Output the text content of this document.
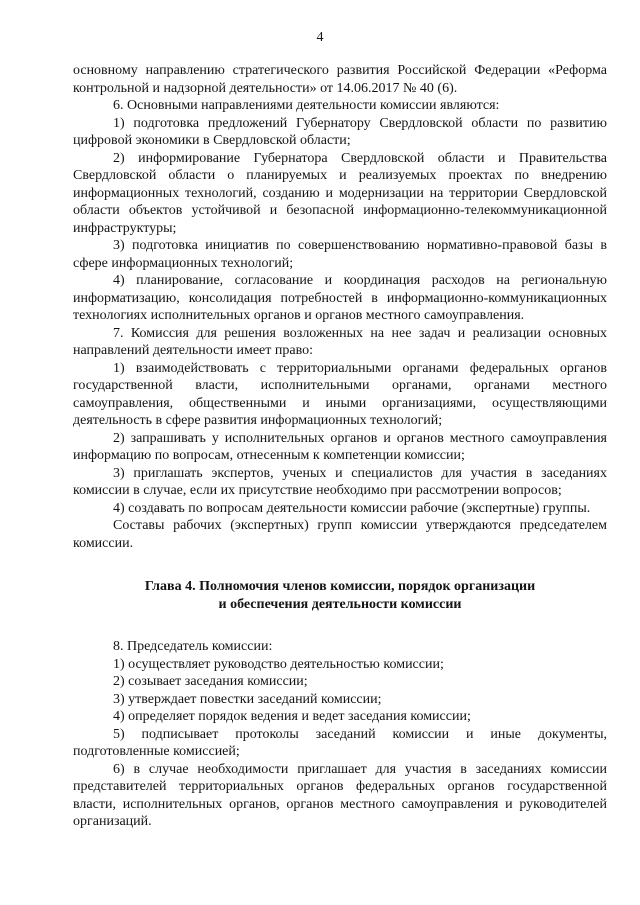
4

основному направлению стратегического развития Российской Федерации «Реформа контрольной и надзорной деятельности» от 14.06.2017 № 40 (6).

6. Основными направлениями деятельности комиссии являются:

1) подготовка предложений Губернатору Свердловской области по развитию цифровой экономики в Свердловской области;

2) информирование Губернатора Свердловской области и Правительства Свердловской области о планируемых и реализуемых проектах по внедрению информационных технологий, созданию и модернизации на территории Свердловской области объектов устойчивой и безопасной информационно-телекоммуникационной инфраструктуры;

3) подготовка инициатив по совершенствованию нормативно-правовой базы в сфере информационных технологий;

4) планирование, согласование и координация расходов на региональную информатизацию, консолидация потребностей в информационно-коммуникационных технологиях исполнительных органов и органов местного самоуправления.

7. Комиссия для решения возложенных на нее задач и реализации основных направлений деятельности имеет право:

1) взаимодействовать с территориальными органами федеральных органов государственной власти, исполнительными органами, органами местного самоуправления, общественными и иными организациями, осуществляющими деятельность в сфере развития информационных технологий;

2) запрашивать у исполнительных органов и органов местного самоуправления информацию по вопросам, отнесенным к компетенции комиссии;

3) приглашать экспертов, ученых и специалистов для участия в заседаниях комиссии в случае, если их присутствие необходимо при рассмотрении вопросов;

4) создавать по вопросам деятельности комиссии рабочие (экспертные) группы.

Составы рабочих (экспертных) групп комиссии утверждаются председателем комиссии.

Глава 4. Полномочия членов комиссии, порядок организации
и обеспечения деятельности комиссии

8. Председатель комиссии:

1) осуществляет руководство деятельностью комиссии;

2) созывает заседания комиссии;

3) утверждает повестки заседаний комиссии;

4) определяет порядок ведения и ведет заседания комиссии;

5) подписывает протоколы заседаний комиссии и иные документы, подготовленные комиссией;

6) в случае необходимости приглашает для участия в заседаниях комиссии представителей территориальных органов федеральных органов государственной власти, исполнительных органов, органов местного самоуправления и руководителей организаций.
